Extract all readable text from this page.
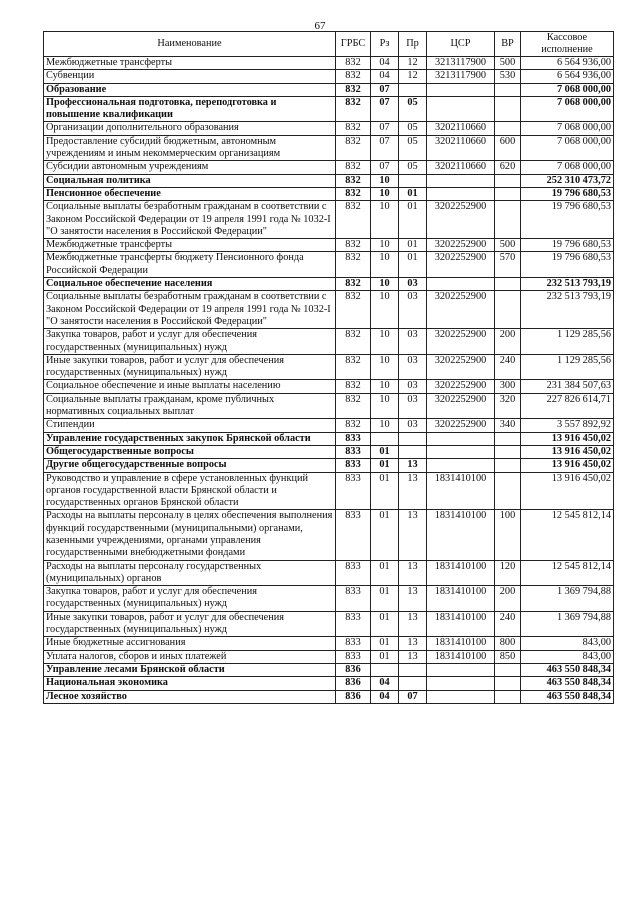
67
Наименование	ГРБС	Рз	Пр	ЦСР	ВР	Кассовое исполнение
Межбюджетные трансферты	832	04	12	3213117900	500	6 564 936,00
Субвенции	832	04	12	3213117900	530	6 564 936,00
Образование	832	07				7 068 000,00
Профессиональная подготовка, переподготовка и повышение квалификации	832	07	05			7 068 000,00
Организации дополнительного образования	832	07	05	3202110660		7 068 000,00
Предоставление субсидий бюджетным, автономным учреждениям и иным некоммерческим организациям	832	07	05	3202110660	600	7 068 000,00
Субсидии автономным учреждениям	832	07	05	3202110660	620	7 068 000,00
Социальная политика	832	10				252 310 473,72
Пенсионное обеспечение	832	10	01			19 796 680,53
Социальные выплаты безработным гражданам в соответствии с Законом Российской Федерации от 19 апреля 1991 года № 1032-I "О занятости населения в Российской Федерации"	832	10	01	3202252900		19 796 680,53
Межбюджетные трансферты	832	10	01	3202252900	500	19 796 680,53
Межбюджетные трансферты бюджету Пенсионного фонда Российской Федерации	832	10	01	3202252900	570	19 796 680,53
Социальное обеспечение населения	832	10	03			232 513 793,19
Социальные выплаты безработным гражданам в соответствии с Законом Российской Федерации от 19 апреля 1991 года № 1032-I "О занятости населения в Российской Федерации"	832	10	03	3202252900		232 513 793,19
Закупка товаров, работ и услуг для обеспечения государственных (муниципальных) нужд	832	10	03	3202252900	200	1 129 285,56
Иные закупки товаров, работ и услуг для обеспечения государственных (муниципальных) нужд	832	10	03	3202252900	240	1 129 285,56
Социальное обеспечение и иные выплаты населению	832	10	03	3202252900	300	231 384 507,63
Социальные выплаты гражданам, кроме публичных нормативных социальных выплат	832	10	03	3202252900	320	227 826 614,71
Стипендии	832	10	03	3202252900	340	3 557 892,92
Управление государственных закупок Брянской области	833					13 916 450,02
Общегосударственные вопросы	833	01				13 916 450,02
Другие общегосударственные вопросы	833	01	13			13 916 450,02
Руководство и управление в сфере установленных функций органов государственной власти Брянской области и государственных органов Брянской области	833	01	13	1831410100		13 916 450,02
Расходы на выплаты персоналу в целях обеспечения выполнения функций государственными (муниципальными) органами, казенными учреждениями, органами управления государственными внебюджетными фондами	833	01	13	1831410100	100	12 545 812,14
Расходы на выплаты персоналу государственных (муниципальных) органов	833	01	13	1831410100	120	12 545 812,14
Закупка товаров, работ и услуг для обеспечения государственных (муниципальных) нужд	833	01	13	1831410100	200	1 369 794,88
Иные закупки товаров, работ и услуг для обеспечения государственных (муниципальных) нужд	833	01	13	1831410100	240	1 369 794,88
Иные бюджетные ассигнования	833	01	13	1831410100	800	843,00
Уплата налогов, сборов и иных платежей	833	01	13	1831410100	850	843,00
Управление лесами Брянской области	836					463 550 848,34
Национальная экономика	836	04				463 550 848,34
Лесное хозяйство	836	04	07			463 550 848,34
